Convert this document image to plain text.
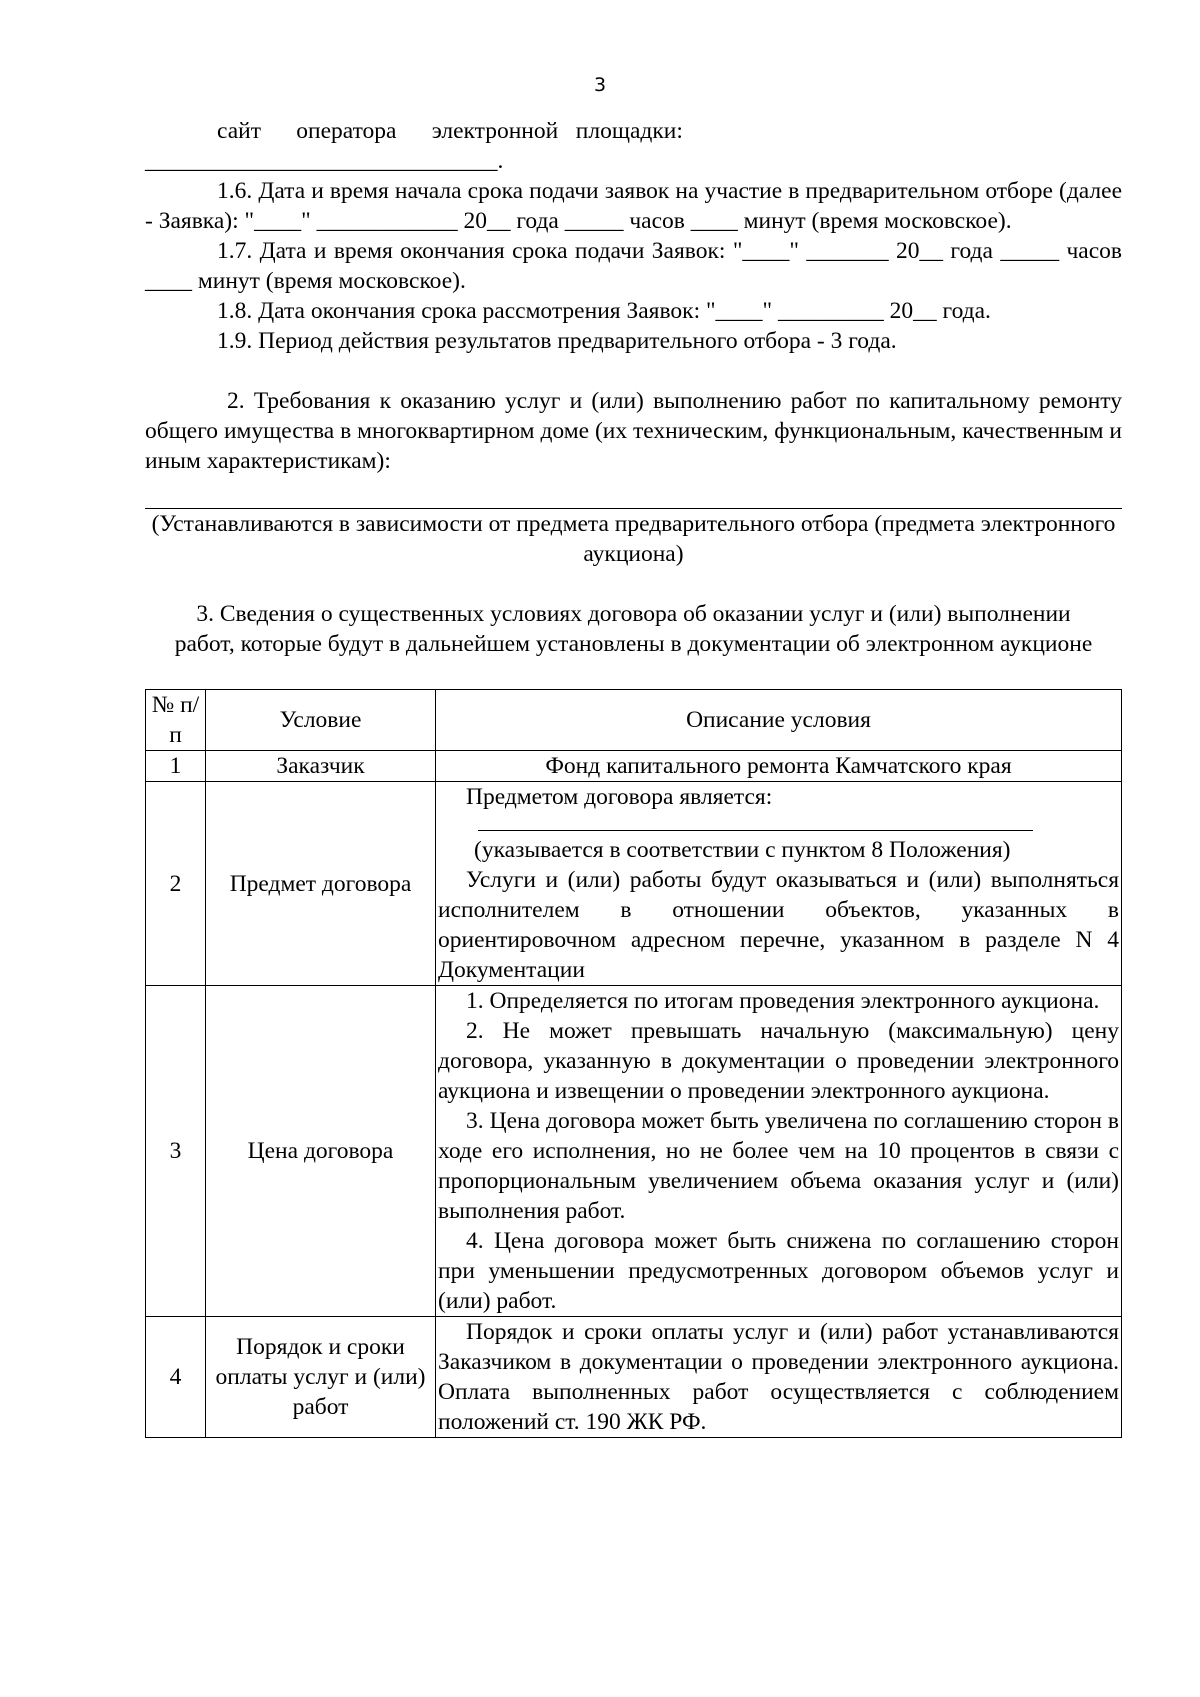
3

сайт      оператора      электронной   площадки:

______________________________.

1.6. Дата и время начала срока подачи заявок на участие в предварительном отборе (далее - Заявка): "____" ____________ 20__ года _____ часов ____ минут (время московское).

1.7. Дата и время окончания срока подачи Заявок: "____" _______ 20__ года _____ часов ____ минут (время московское).

1.8. Дата окончания срока рассмотрения Заявок: "____" _________ 20__ года.

1.9. Период действия результатов предварительного отбора - 3 года.

2. Требования к оказанию услуг и (или) выполнению работ по капитальному ремонту общего имущества в многоквартирном доме (их техническим, функциональным, качественным и иным характеристикам):

(Устанавливаются в зависимости от предмета предварительного отбора (предмета электронного аукциона)

3. Сведения о существенных условиях договора об оказании услуг и (или) выполнении работ, которые будут в дальнейшем установлены в документации об электронном аукционе

№ п/п	Условие	Описание условия
1	Заказчик	Фонд капитального ремонта Камчатского края
2	Предмет договора	Предметом договора является:

(указывается в соответствии с пунктом 8 Положения)

Услуги и (или) работы будут оказываться и (или) выполняться исполнителем в отношении объектов, указанных в ориентировочном адресном перечне, указанном в разделе N 4 Документации

3	Цена договора	1. Определяется по итогам проведения электронного аукциона.

2. Не может превышать начальную (максимальную) цену договора, указанную в документации о проведении электронного аукциона и извещении о проведении электронного аукциона.

3. Цена договора может быть увеличена по соглашению сторон в ходе его исполнения, но не более чем на 10 процентов в связи с пропорциональным увеличением объема оказания услуг и (или) выполнения работ.

4. Цена договора может быть снижена по соглашению сторон при уменьшении предусмотренных договором объемов услуг и (или) работ.

4	Порядок и сроки оплаты услуг и (или) работ	Порядок и сроки оплаты услуг и (или) работ устанавливаются Заказчиком в документации о проведении электронного аукциона. Оплата выполненных работ осуществляется с соблюдением положений ст. 190 ЖК РФ.
